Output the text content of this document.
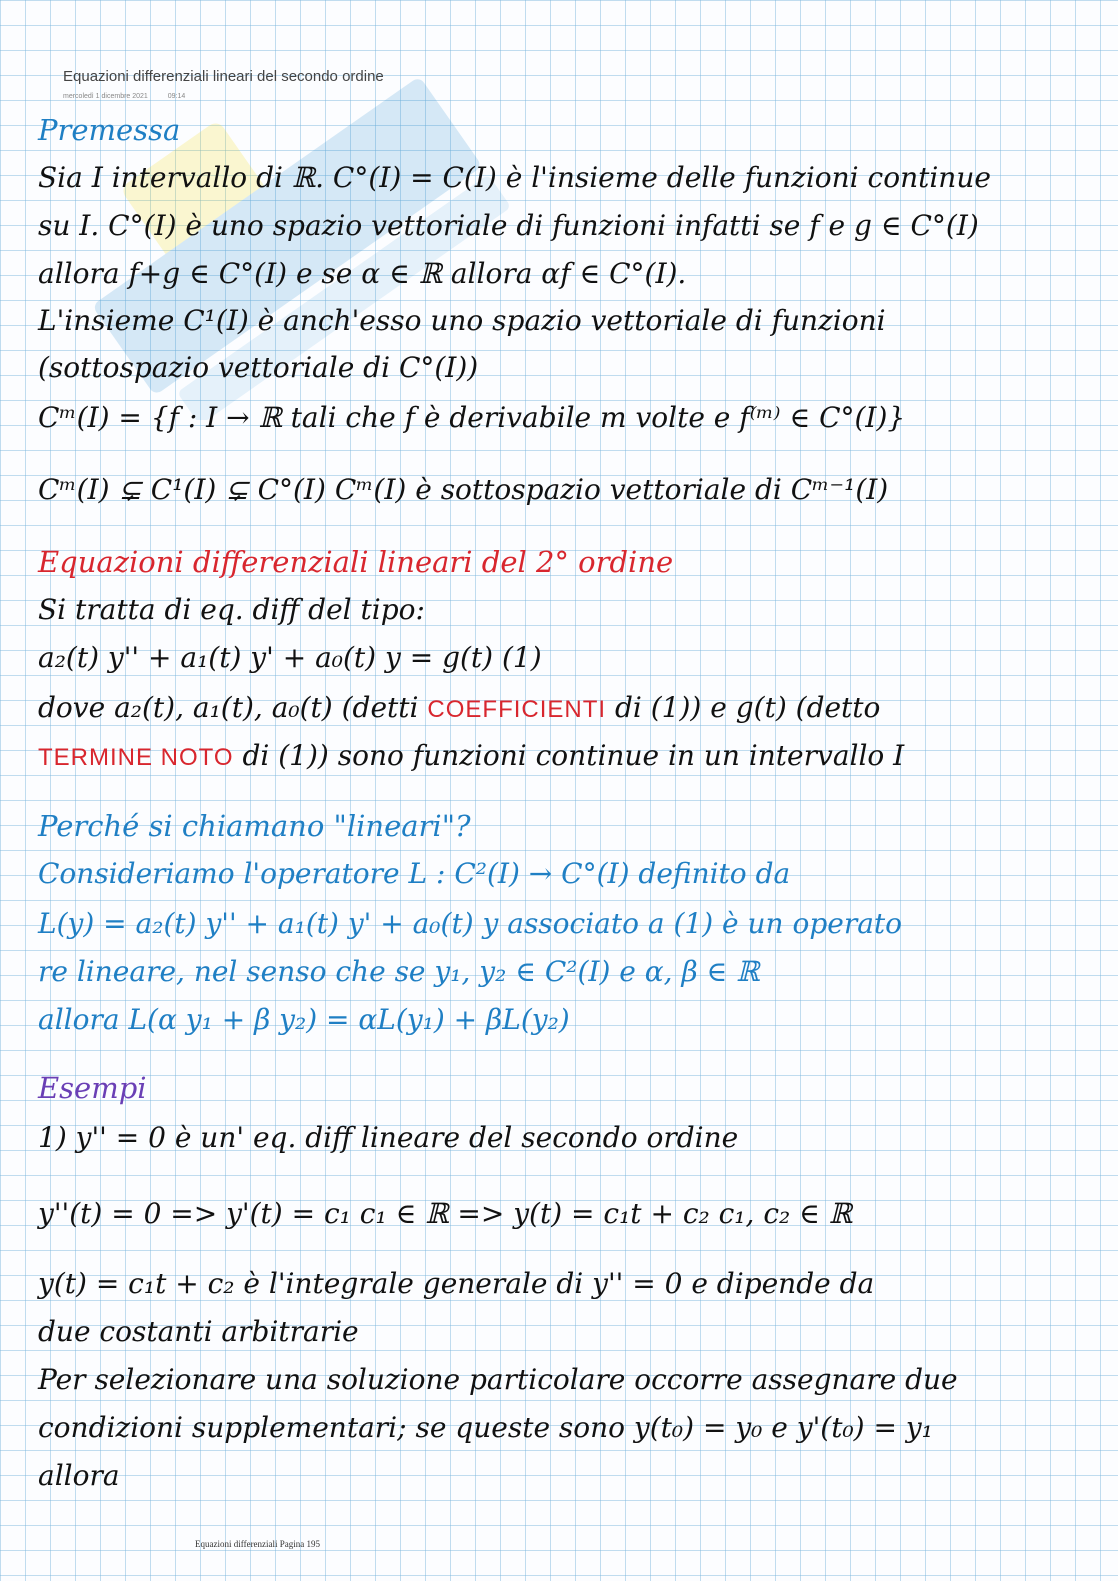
Equazioni differenziali lineari del secondo ordine
mercoledì 1 dicembre 2021	09:14
Premessa
Sia I intervallo di ℝ. C°(I) = C(I) è l'insieme delle funzioni continue
su I. C°(I) è uno spazio vettoriale di funzioni infatti se f e g ∈ C°(I)
allora f+g ∈ C°(I) e se α ∈ ℝ allora αf ∈ C°(I).
L'insieme C¹(I) è anch'esso uno spazio vettoriale di funzioni
(sottospazio vettoriale di C°(I))
Cᵐ(I) = {f : I → ℝ tali che f è derivabile m volte e f⁽ᵐ⁾ ∈ C°(I)}
Cᵐ(I) ⊊ C¹(I) ⊊ C°(I) Cᵐ(I) è sottospazio vettoriale di Cᵐ⁻¹(I)
Equazioni differenziali lineari del 2° ordine
Si tratta di eq. diff del tipo:
a₂(t) y'' + a₁(t) y' + a₀(t) y = g(t) (1)
dove a₂(t), a₁(t), a₀(t) (detti COEFFICIENTI di (1)) e g(t) (detto
TERMINE NOTO di (1)) sono funzioni continue in un intervallo I
Perché si chiamano "lineari"?
Consideriamo l'operatore L : C²(I) → C°(I) definito da
L(y) = a₂(t) y'' + a₁(t) y' + a₀(t) y associato a (1) è un operato
re lineare, nel senso che se y₁, y₂ ∈ C²(I) e α, β ∈ ℝ
allora L(α y₁ + β y₂) = αL(y₁) + βL(y₂)
Esempi
1) y'' = 0 è un' eq. diff lineare del secondo ordine
y''(t) = 0 => y'(t) = c₁ c₁ ∈ ℝ => y(t) = c₁t + c₂ c₁, c₂ ∈ ℝ
y(t) = c₁t + c₂ è l'integrale generale di y'' = 0 e dipende da
due costanti arbitrarie
Per selezionare una soluzione particolare occorre assegnare due
condizioni supplementari; se queste sono y(t₀) = y₀ e y'(t₀) = y₁
allora
Equazioni differenziali Pagina 195
